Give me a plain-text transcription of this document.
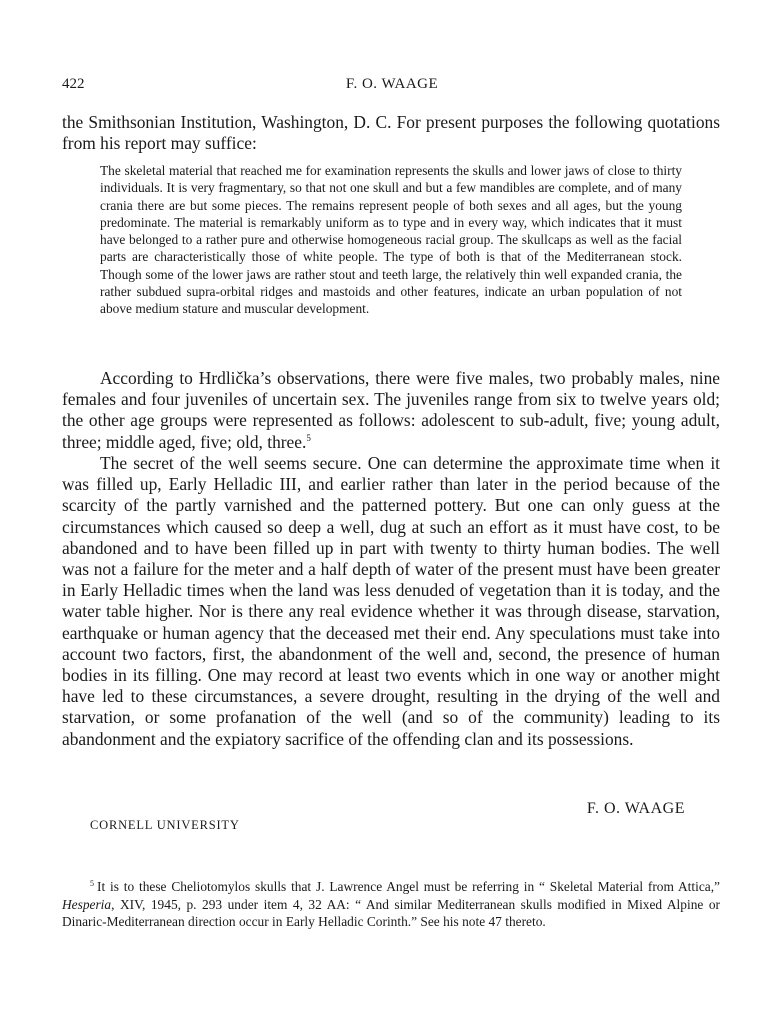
422	F. O. WAAGE

the Smithsonian Institution, Washington, D. C. For present purposes the following quotations from his report may suffice:

The skeletal material that reached me for examination represents the skulls and lower jaws of close to thirty individuals. It is very fragmentary, so that not one skull and but a few mandibles are complete, and of many crania there are but some pieces. The remains represent people of both sexes and all ages, but the young predominate. The material is remarkably uniform as to type and in every way, which indicates that it must have belonged to a rather pure and otherwise homogeneous racial group. The skullcaps as well as the facial parts are characteristically those of white people. The type of both is that of the Mediterranean stock. Though some of the lower jaws are rather stout and teeth large, the relatively thin well expanded crania, the rather subdued supra-orbital ridges and mastoids and other features, indicate an urban population of not above medium stature and muscular development.

According to Hrdlička’s observations, there were five males, two probably males, nine females and four juveniles of uncertain sex. The juveniles range from six to twelve years old; the other age groups were represented as follows: adolescent to sub-adult, five; young adult, three; middle aged, five; old, three.$^5$

The secret of the well seems secure. One can determine the approximate time when it was filled up, Early Helladic III, and earlier rather than later in the period because of the scarcity of the partly varnished and the patterned pottery. But one can only guess at the circumstances which caused so deep a well, dug at such an effort as it must have cost, to be abandoned and to have been filled up in part with twenty to thirty human bodies. The well was not a failure for the meter and a half depth of water of the present must have been greater in Early Helladic times when the land was less denuded of vegetation than it is today, and the water table higher. Nor is there any real evidence whether it was through disease, starvation, earthquake or human agency that the deceased met their end. Any speculations must take into account two factors, first, the abandonment of the well and, second, the presence of human bodies in its filling. One may record at least two events which in one way or another might have led to these circumstances, a severe drought, resulting in the drying of the well and starvation, or some profanation of the well (and so of the community) leading to its abandonment and the expiatory sacrifice of the offending clan and its possessions.

F. O. WAAGE
CORNELL UNIVERSITY

$^5$ It is to these Cheliotomylos skulls that J. Lawrence Angel must be referring in “ Skeletal Material from Attica,” Hesperia, XIV, 1945, p. 293 under item 4, 32 AA: “ And similar Mediterranean skulls modified in Mixed Alpine or Dinaric-Mediterranean direction occur in Early Helladic Corinth.” See his note 47 thereto.
